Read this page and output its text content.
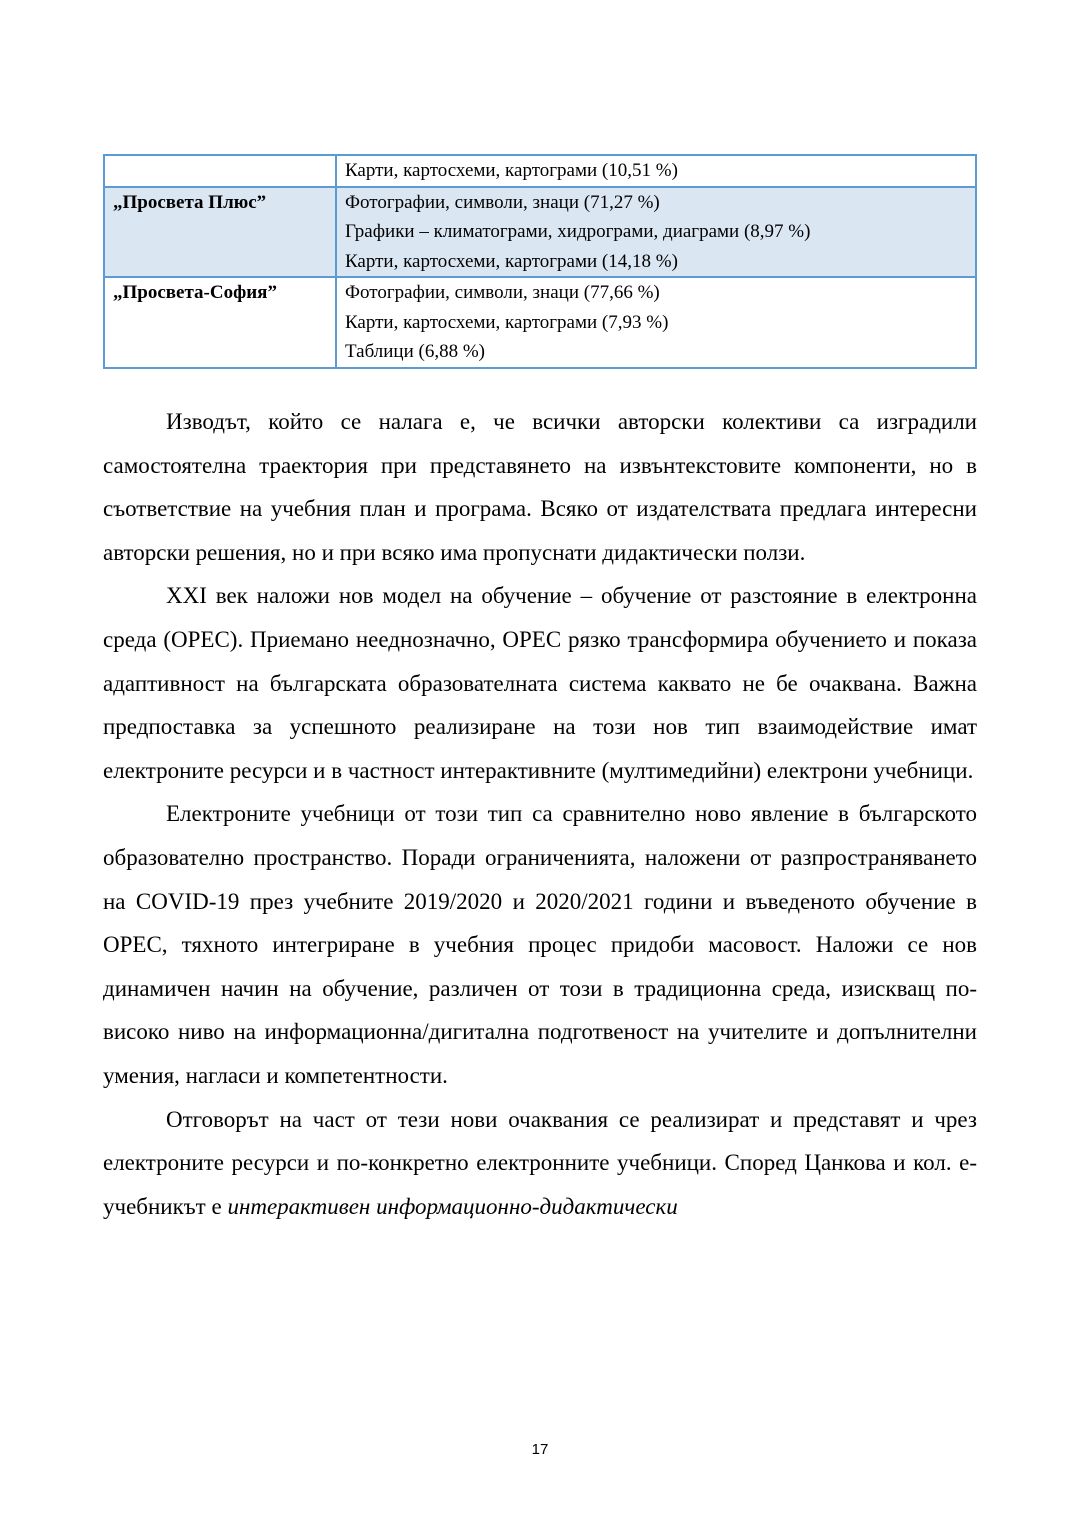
	Карти, картосхеми, картограми (10,51 %)

„Просвета Плюс”	Фотографии, символи, знаци (71,27 %)
Графики – климатограми, хидрограми, диаграми (8,97 %)
Карти, картосхеми, картограми (14,18 %)

„Просвета-София”	Фотографии, символи, знаци (77,66 %)
Карти, картосхеми, картограми (7,93 %)
Таблици (6,88 %)

Изводът, който се налага е, че всички авторски колективи са изградили самостоятелна траектория при представянето на извънтекстовите компоненти, но в съответствие на учебния план и програма. Всяко от издателствата предлага интересни авторски решения, но и при всяко има пропуснати дидактически ползи.

XXI век наложи нов модел на обучение – обучение от разстояние в електронна среда (ОРЕС). Приемано нееднозначно, ОРЕС рязко трансформира обучението и показа адаптивност на българската образователната система каквато не бе очаквана. Важна предпоставка за успешното реализиране на този нов тип взаимодействие имат електроните ресурси и в частност интерактивните (мултимедийни) електрони учебници.

Електроните учебници от този тип са сравнително ново явление в българското образователно пространство. Поради ограниченията, наложени от разпространяването на COVID-19 през учебните 2019/2020 и 2020/2021 години и въведеното обучение в ОРЕС, тяхното интегриране в учебния процес придоби масовост. Наложи се нов динамичен начин на обучение, различен от този в традиционна среда, изискващ по-високо ниво на информационна/дигитална подготвеност на учителите и допълнителни умения, нагласи и компетентности.

Отговорът на част от тези нови очаквания се реализират и представят и чрез електроните ресурси и по-конкретно електронните учебници. Според Цанкова и кол. е-учебникът е интерактивен информационно-дидактически

17
